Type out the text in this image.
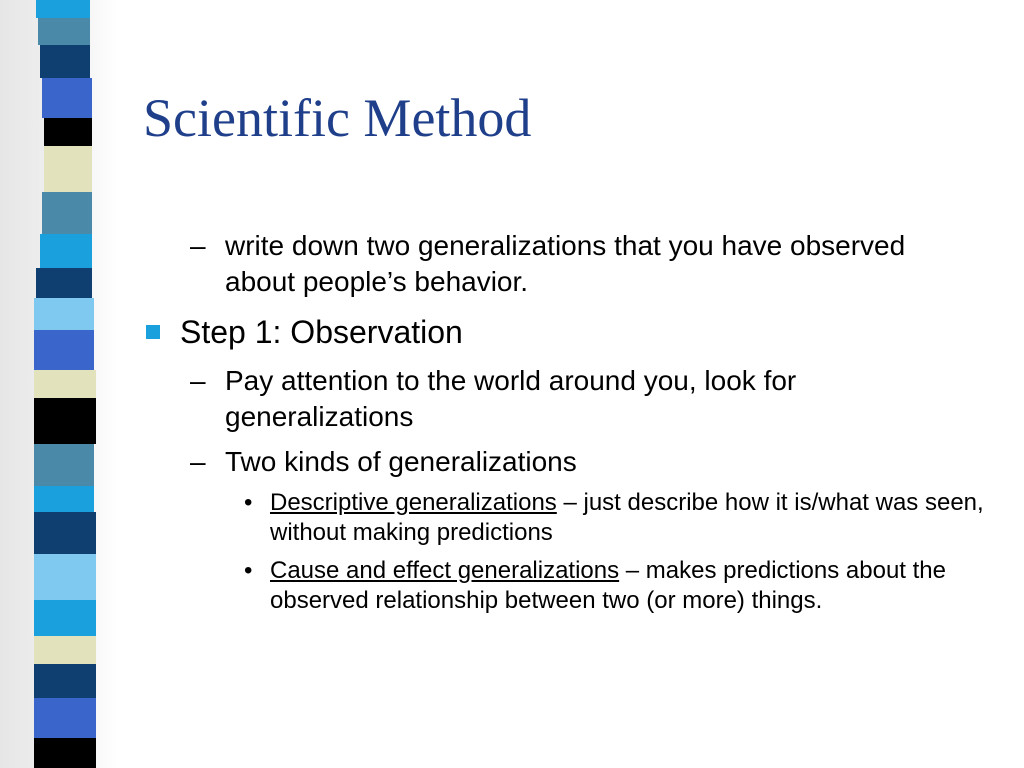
Scientific Method
– write down two generalizations that you have observed about people’s behavior.
Step 1: Observation
– Pay attention to the world around you, look for generalizations
– Two kinds of generalizations
• Descriptive generalizations – just describe how it is/what was seen, without making predictions
• Cause and effect generalizations – makes predictions about the observed relationship between two (or more) things.
